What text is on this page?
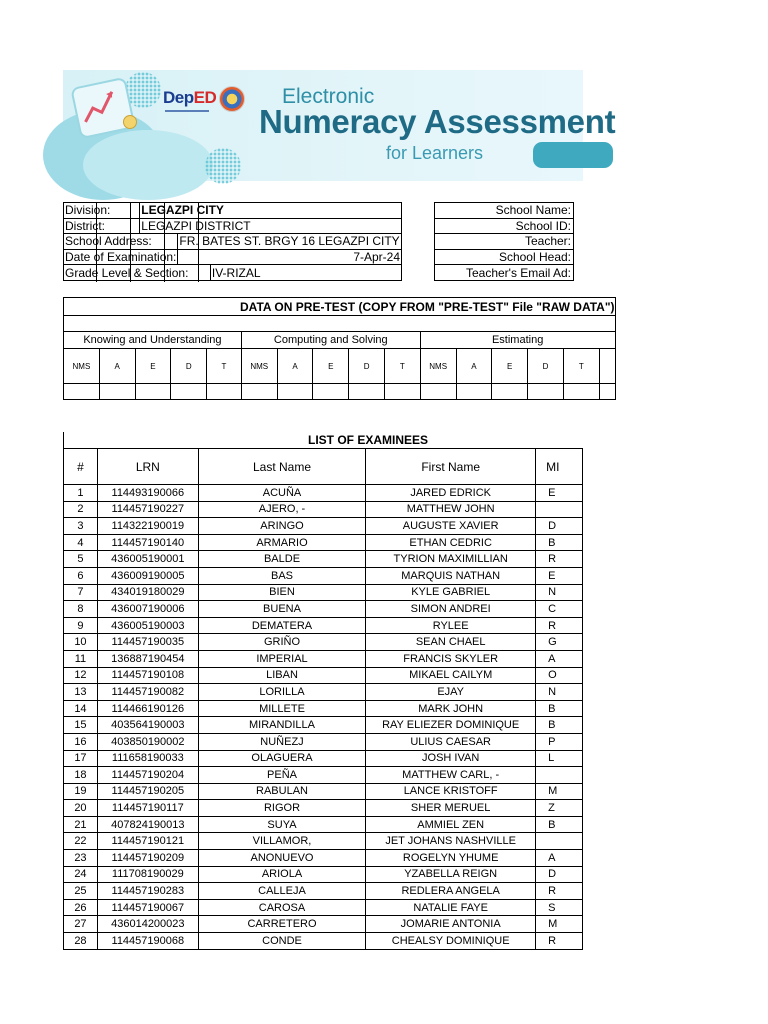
DepED	Electronic
Numeracy Assessment
for Learners
Division:	LEGAZPI CITY		
District:	LEGAZPI DISTRICT		
School Address:		FR. BATES ST. BRGY 16 LEGAZPI CITY	
Date of Examination:		7-Apr-24	
Grade Level & Section:			IV-RIZAL
School Name:
School ID:
Teacher:
School Head:
Teacher's Email Ad:
DATA ON PRE-TEST (COPY FROM "PRE-TEST" File "RAW DATA")															

Knowing and Understanding					Computing and Solving					Estimating					
NMS	A	E	D	T	NMS	A	E	D	T	NMS	A	E	D	T	

LIST OF EXAMINEES
#	LRN	Last Name	First Name	MI
1	114493190066	ACUÑA	JARED EDRICK	E
2	114457190227	AJERO, -	MATTHEW JOHN	
3	114322190019	ARINGO	AUGUSTE XAVIER	D
4	114457190140	ARMARIO	ETHAN CEDRIC	B
5	436005190001	BALDE	TYRION MAXIMILLIAN	R
6	436009190005	BAS	MARQUIS NATHAN	E
7	434019180029	BIEN	KYLE GABRIEL	N
8	436007190006	BUENA	SIMON ANDREI	C
9	436005190003	DEMATERA	RYLEE	R
10	114457190035	GRIÑO	SEAN CHAEL	G
11	136887190454	IMPERIAL	FRANCIS SKYLER	A
12	114457190108	LIBAN	MIKAEL CAILYM	O
13	114457190082	LORILLA	EJAY	N
14	114466190126	MILLETE	MARK JOHN	B
15	403564190003	MIRANDILLA	RAY ELIEZER DOMINIQUE	B
16	403850190002	NUÑEZJ	ULIUS CAESAR	P
17	111658190033	OLAGUERA	JOSH IVAN	L
18	114457190204	PEÑA	MATTHEW CARL, -	
19	114457190205	RABULAN	LANCE KRISTOFF	M
20	114457190117	RIGOR	SHER MERUEL	Z
21	407824190013	SUYA	AMMIEL ZEN	B
22	114457190121	VILLAMOR,	JET JOHANS NASHVILLE	
23	114457190209	ANONUEVO	ROGELYN YHUME	A
24	111708190029	ARIOLA	YZABELLA REIGN	D
25	114457190283	CALLEJA	REDLERA ANGELA	R
26	114457190067	CAROSA	NATALIE FAYE	S
27	436014200023	CARRETERO	JOMARIE ANTONIA	M
28	114457190068	CONDE	CHEALSY DOMINIQUE	R
